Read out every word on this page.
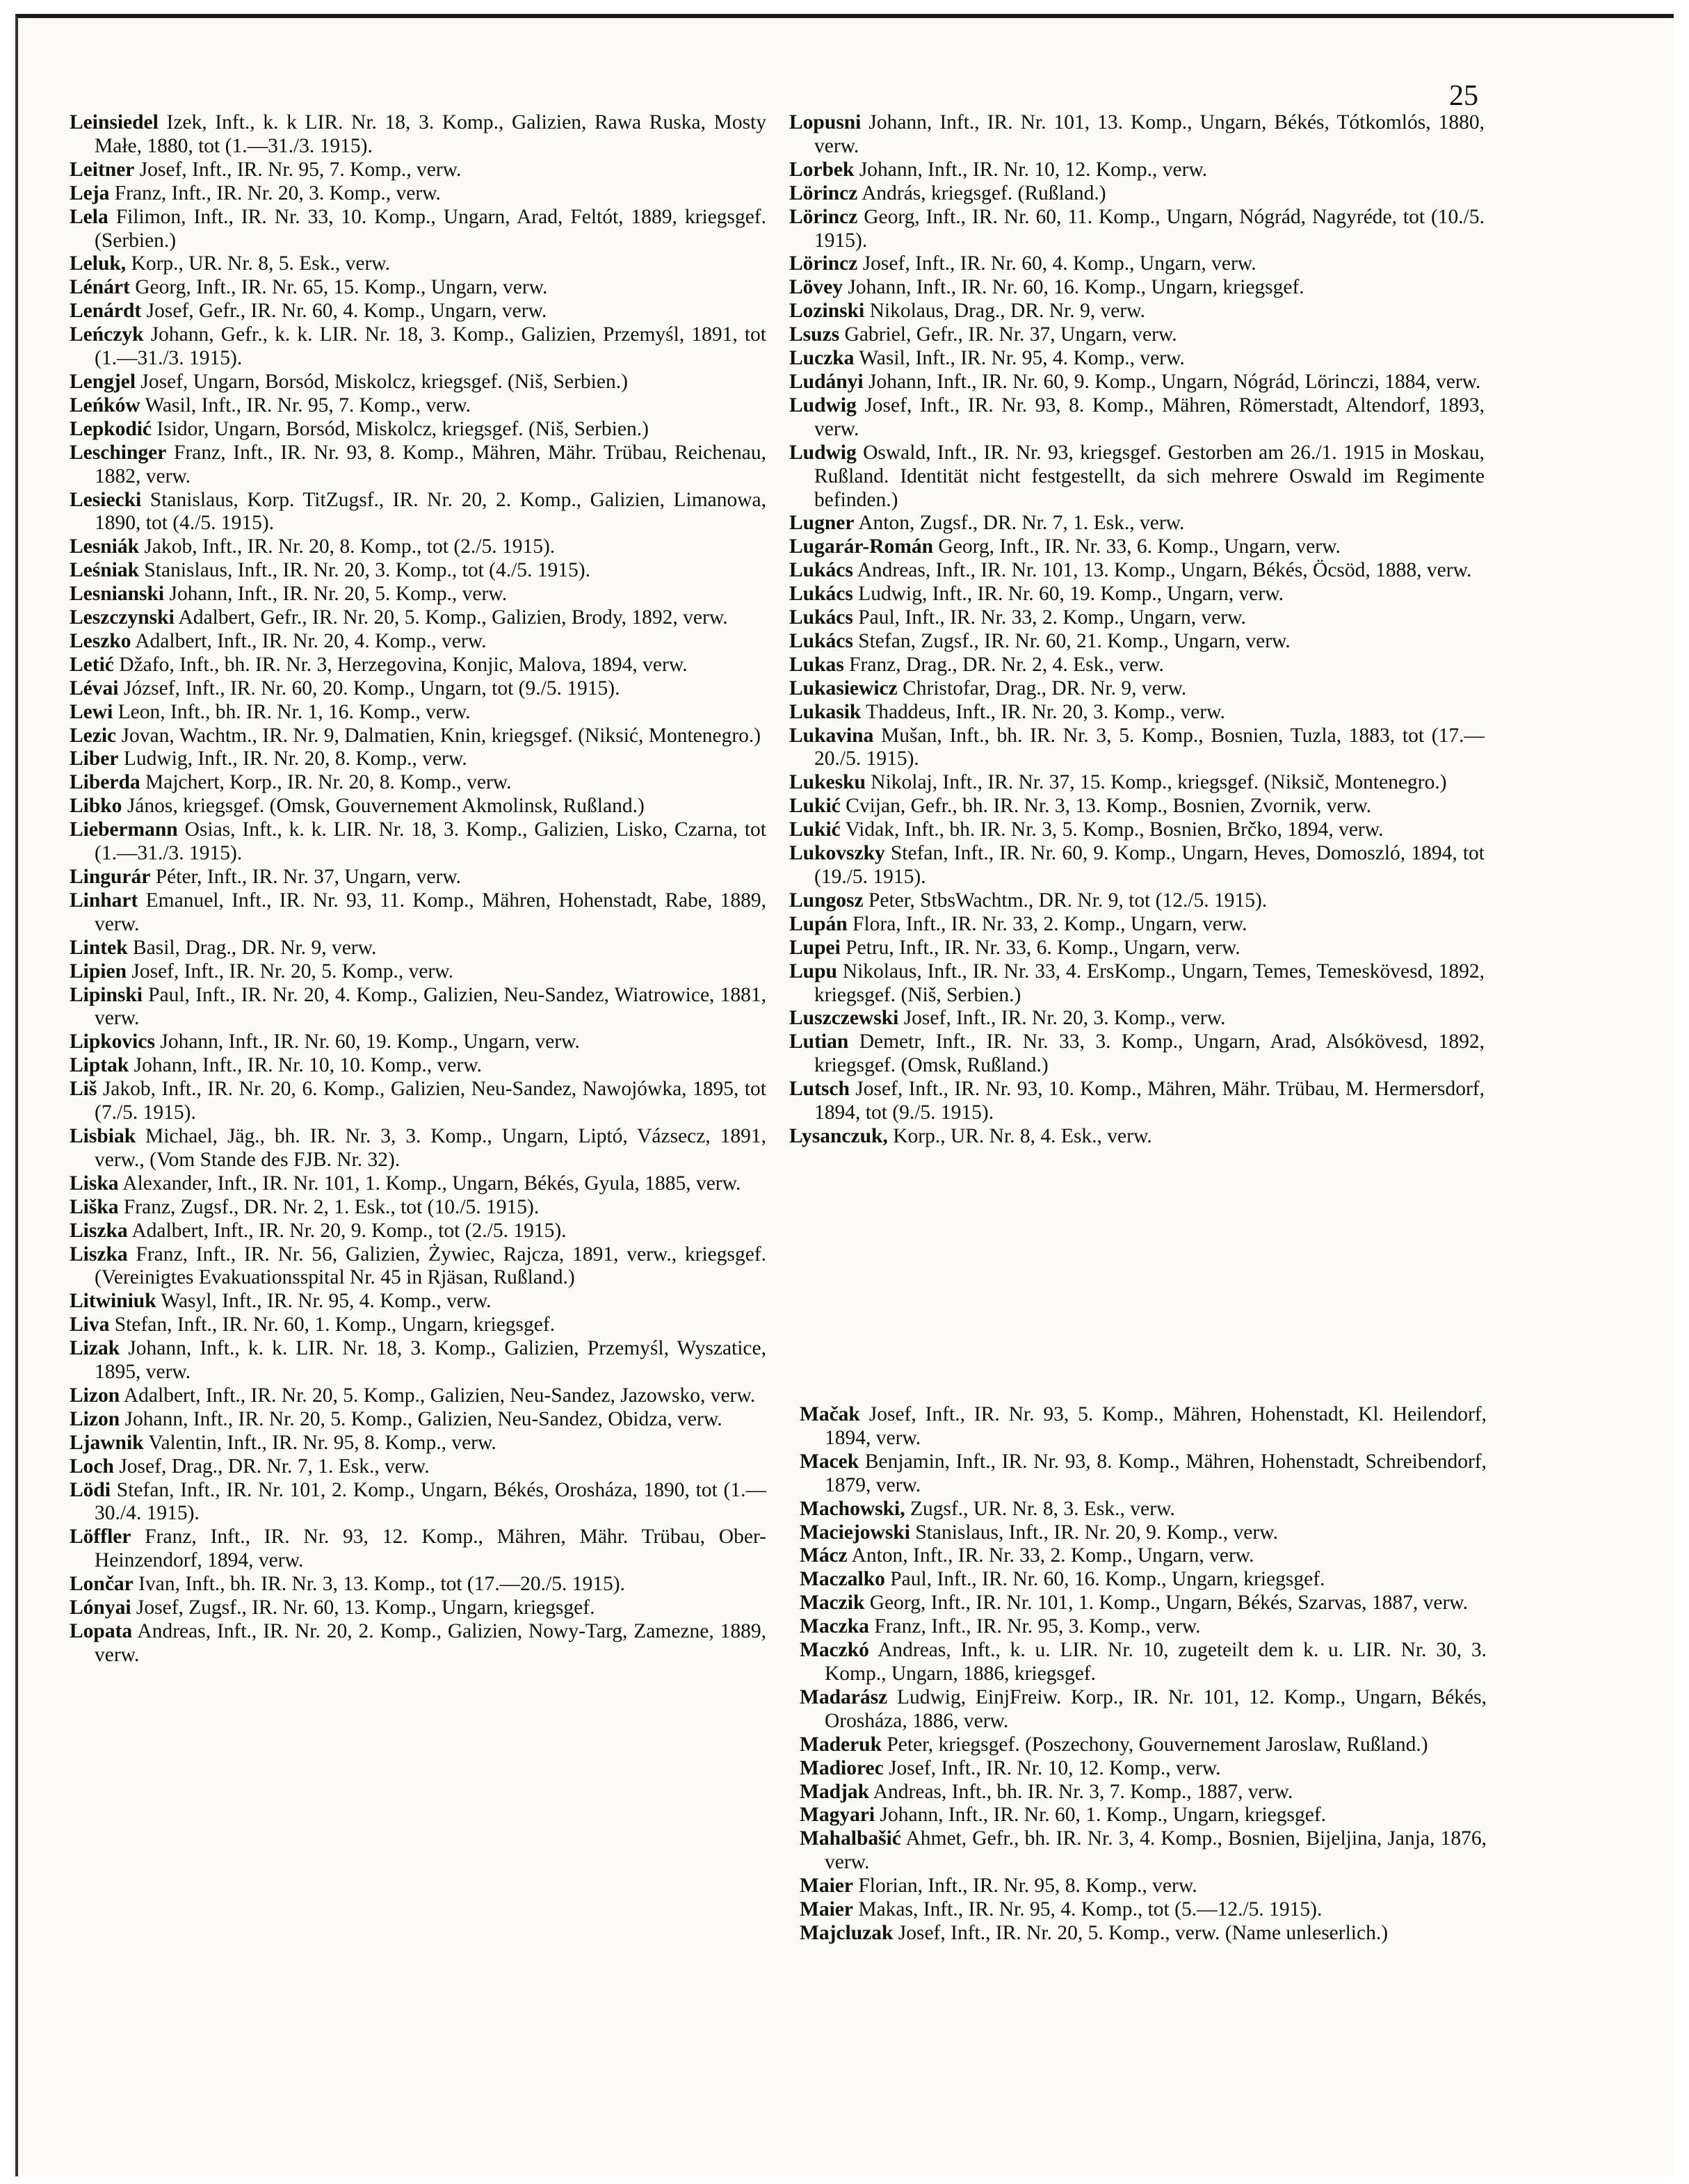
25

Leinsiedel Izek, Inft., k. k LIR. Nr. 18, 3. Komp., Galizien, Rawa Ruska, Mosty Małe, 1880, tot (1.—31./3. 1915).

Leitner Josef, Inft., IR. Nr. 95, 7. Komp., verw.

Leja Franz, Inft., IR. Nr. 20, 3. Komp., verw.

Lela Filimon, Inft., IR. Nr. 33, 10. Komp., Ungarn, Arad, Feltót, 1889, kriegsgef. (Serbien.)

Leluk, Korp., UR. Nr. 8, 5. Esk., verw.

Lénárt Georg, Inft., IR. Nr. 65, 15. Komp., Ungarn, verw.

Lenárdt Josef, Gefr., IR. Nr. 60, 4. Komp., Ungarn, verw.

Leńczyk Johann, Gefr., k. k. LIR. Nr. 18, 3. Komp., Galizien, Przemyśl, 1891, tot (1.—31./3. 1915).

Lengjel Josef, Ungarn, Borsód, Miskolcz, kriegsgef. (Niš, Serbien.)

Leńków Wasil, Inft., IR. Nr. 95, 7. Komp., verw.

Lepkodić Isidor, Ungarn, Borsód, Miskolcz, kriegsgef. (Niš, Serbien.)

Leschinger Franz, Inft., IR. Nr. 93, 8. Komp., Mähren, Mähr. Trübau, Reichenau, 1882, verw.

Lesiecki Stanislaus, Korp. TitZugsf., IR. Nr. 20, 2. Komp., Galizien, Limanowa, 1890, tot (4./5. 1915).

Lesniák Jakob, Inft., IR. Nr. 20, 8. Komp., tot (2./5. 1915).

Leśniak Stanislaus, Inft., IR. Nr. 20, 3. Komp., tot (4./5. 1915).

Lesnianski Johann, Inft., IR. Nr. 20, 5. Komp., verw.

Leszczynski Adalbert, Gefr., IR. Nr. 20, 5. Komp., Galizien, Brody, 1892, verw.

Leszko Adalbert, Inft., IR. Nr. 20, 4. Komp., verw.

Letić Džafo, Inft., bh. IR. Nr. 3, Herzegovina, Konjic, Malova, 1894, verw.

Lévai József, Inft., IR. Nr. 60, 20. Komp., Ungarn, tot (9./5. 1915).

Lewi Leon, Inft., bh. IR. Nr. 1, 16. Komp., verw.

Lezic Jovan, Wachtm., IR. Nr. 9, Dalmatien, Knin, kriegsgef. (Niksić, Montenegro.)

Liber Ludwig, Inft., IR. Nr. 20, 8. Komp., verw.

Liberda Majchert, Korp., IR. Nr. 20, 8. Komp., verw.

Libko János, kriegsgef. (Omsk, Gouvernement Akmolinsk, Rußland.)

Liebermann Osias, Inft., k. k. LIR. Nr. 18, 3. Komp., Galizien, Lisko, Czarna, tot (1.—31./3. 1915).

Lingurár Péter, Inft., IR. Nr. 37, Ungarn, verw.

Linhart Emanuel, Inft., IR. Nr. 93, 11. Komp., Mähren, Hohenstadt, Rabe, 1889, verw.

Lintek Basil, Drag., DR. Nr. 9, verw.

Lipien Josef, Inft., IR. Nr. 20, 5. Komp., verw.

Lipinski Paul, Inft., IR. Nr. 20, 4. Komp., Galizien, Neu-Sandez, Wiatrowice, 1881, verw.

Lipkovics Johann, Inft., IR. Nr. 60, 19. Komp., Ungarn, verw.

Liptak Johann, Inft., IR. Nr. 10, 10. Komp., verw.

Liš Jakob, Inft., IR. Nr. 20, 6. Komp., Galizien, Neu-Sandez, Nawojówka, 1895, tot (7./5. 1915).

Lisbiak Michael, Jäg., bh. IR. Nr. 3, 3. Komp., Ungarn, Liptó, Vázsecz, 1891, verw., (Vom Stande des FJB. Nr. 32).

Liska Alexander, Inft., IR. Nr. 101, 1. Komp., Ungarn, Békés, Gyula, 1885, verw.

Liška Franz, Zugsf., DR. Nr. 2, 1. Esk., tot (10./5. 1915).

Liszka Adalbert, Inft., IR. Nr. 20, 9. Komp., tot (2./5. 1915).

Liszka Franz, Inft., IR. Nr. 56, Galizien, Żywiec, Rajcza, 1891, verw., kriegsgef. (Vereinigtes Evakuationsspital Nr. 45 in Rjäsan, Rußland.)

Litwiniuk Wasyl, Inft., IR. Nr. 95, 4. Komp., verw.

Liva Stefan, Inft., IR. Nr. 60, 1. Komp., Ungarn, kriegsgef.

Lizak Johann, Inft., k. k. LIR. Nr. 18, 3. Komp., Galizien, Przemyśl, Wyszatice, 1895, verw.

Lizon Adalbert, Inft., IR. Nr. 20, 5. Komp., Galizien, Neu-Sandez, Jazowsko, verw.

Lizon Johann, Inft., IR. Nr. 20, 5. Komp., Galizien, Neu-Sandez, Obidza, verw.

Ljawnik Valentin, Inft., IR. Nr. 95, 8. Komp., verw.

Loch Josef, Drag., DR. Nr. 7, 1. Esk., verw.

Lödi Stefan, Inft., IR. Nr. 101, 2. Komp., Ungarn, Békés, Orosháza, 1890, tot (1.—30./4. 1915).

Löffler Franz, Inft., IR. Nr. 93, 12. Komp., Mähren, Mähr. Trübau, Ober-Heinzendorf, 1894, verw.

Lončar Ivan, Inft., bh. IR. Nr. 3, 13. Komp., tot (17.—20./5. 1915).

Lónyai Josef, Zugsf., IR. Nr. 60, 13. Komp., Ungarn, kriegsgef.

Lopata Andreas, Inft., IR. Nr. 20, 2. Komp., Galizien, Nowy-Targ, Zamezne, 1889, verw.

Lopusni Johann, Inft., IR. Nr. 101, 13. Komp., Ungarn, Békés, Tótkomlós, 1880, verw.

Lorbek Johann, Inft., IR. Nr. 10, 12. Komp., verw.

Lörincz András, kriegsgef. (Rußland.)

Lörincz Georg, Inft., IR. Nr. 60, 11. Komp., Ungarn, Nógrád, Nagyréde, tot (10./5. 1915).

Lörincz Josef, Inft., IR. Nr. 60, 4. Komp., Ungarn, verw.

Lövey Johann, Inft., IR. Nr. 60, 16. Komp., Ungarn, kriegsgef.

Lozinski Nikolaus, Drag., DR. Nr. 9, verw.

Lsuzs Gabriel, Gefr., IR. Nr. 37, Ungarn, verw.

Luczka Wasil, Inft., IR. Nr. 95, 4. Komp., verw.

Ludányi Johann, Inft., IR. Nr. 60, 9. Komp., Ungarn, Nógrád, Lörinczi, 1884, verw.

Ludwig Josef, Inft., IR. Nr. 93, 8. Komp., Mähren, Römerstadt, Altendorf, 1893, verw.

Ludwig Oswald, Inft., IR. Nr. 93, kriegsgef. Gestorben am 26./1. 1915 in Moskau, Rußland. Identität nicht festgestellt, da sich mehrere Oswald im Regimente befinden.)

Lugner Anton, Zugsf., DR. Nr. 7, 1. Esk., verw.

Lugarár-Román Georg, Inft., IR. Nr. 33, 6. Komp., Ungarn, verw.

Lukács Andreas, Inft., IR. Nr. 101, 13. Komp., Ungarn, Békés, Öcsöd, 1888, verw.

Lukács Ludwig, Inft., IR. Nr. 60, 19. Komp., Ungarn, verw.

Lukács Paul, Inft., IR. Nr. 33, 2. Komp., Ungarn, verw.

Lukács Stefan, Zugsf., IR. Nr. 60, 21. Komp., Ungarn, verw.

Lukas Franz, Drag., DR. Nr. 2, 4. Esk., verw.

Lukasiewicz Christofar, Drag., DR. Nr. 9, verw.

Lukasik Thaddeus, Inft., IR. Nr. 20, 3. Komp., verw.

Lukavina Mušan, Inft., bh. IR. Nr. 3, 5. Komp., Bosnien, Tuzla, 1883, tot (17.—20./5. 1915).

Lukesku Nikolaj, Inft., IR. Nr. 37, 15. Komp., kriegsgef. (Niksič, Montenegro.)

Lukić Cvijan, Gefr., bh. IR. Nr. 3, 13. Komp., Bosnien, Zvornik, verw.

Lukić Vidak, Inft., bh. IR. Nr. 3, 5. Komp., Bosnien, Brčko, 1894, verw.

Lukovszky Stefan, Inft., IR. Nr. 60, 9. Komp., Ungarn, Heves, Domoszló, 1894, tot (19./5. 1915).

Lungosz Peter, StbsWachtm., DR. Nr. 9, tot (12./5. 1915).

Lupán Flora, Inft., IR. Nr. 33, 2. Komp., Ungarn, verw.

Lupei Petru, Inft., IR. Nr. 33, 6. Komp., Ungarn, verw.

Lupu Nikolaus, Inft., IR. Nr. 33, 4. ErsKomp., Ungarn, Temes, Temeskövesd, 1892, kriegsgef. (Niš, Serbien.)

Luszczewski Josef, Inft., IR. Nr. 20, 3. Komp., verw.

Lutian Demetr, Inft., IR. Nr. 33, 3. Komp., Ungarn, Arad, Alsókövesd, 1892, kriegsgef. (Omsk, Rußland.)

Lutsch Josef, Inft., IR. Nr. 93, 10. Komp., Mähren, Mähr. Trübau, M. Hermersdorf, 1894, tot (9./5. 1915).

Lysanczuk, Korp., UR. Nr. 8, 4. Esk., verw.

Mačak Josef, Inft., IR. Nr. 93, 5. Komp., Mähren, Hohenstadt, Kl. Heilendorf, 1894, verw.

Macek Benjamin, Inft., IR. Nr. 93, 8. Komp., Mähren, Hohenstadt, Schreibendorf, 1879, verw.

Machowski, Zugsf., UR. Nr. 8, 3. Esk., verw.

Maciejowski Stanislaus, Inft., IR. Nr. 20, 9. Komp., verw.

Mácz Anton, Inft., IR. Nr. 33, 2. Komp., Ungarn, verw.

Maczalko Paul, Inft., IR. Nr. 60, 16. Komp., Ungarn, kriegsgef.

Maczik Georg, Inft., IR. Nr. 101, 1. Komp., Ungarn, Békés, Szarvas, 1887, verw.

Maczka Franz, Inft., IR. Nr. 95, 3. Komp., verw.

Maczkó Andreas, Inft., k. u. LIR. Nr. 10, zugeteilt dem k. u. LIR. Nr. 30, 3. Komp., Ungarn, 1886, kriegsgef.

Madarász Ludwig, EinjFreiw. Korp., IR. Nr. 101, 12. Komp., Ungarn, Békés, Orosháza, 1886, verw.

Maderuk Peter, kriegsgef. (Poszechony, Gouvernement Jaroslaw, Rußland.)

Madiorec Josef, Inft., IR. Nr. 10, 12. Komp., verw.

Madjak Andreas, Inft., bh. IR. Nr. 3, 7. Komp., 1887, verw.

Magyari Johann, Inft., IR. Nr. 60, 1. Komp., Ungarn, kriegsgef.

Mahalbašić Ahmet, Gefr., bh. IR. Nr. 3, 4. Komp., Bosnien, Bijeljina, Janja, 1876, verw.

Maier Florian, Inft., IR. Nr. 95, 8. Komp., verw.

Maier Makas, Inft., IR. Nr. 95, 4. Komp., tot (5.—12./5. 1915).

Majcluzak Josef, Inft., IR. Nr. 20, 5. Komp., verw. (Name unleserlich.)
